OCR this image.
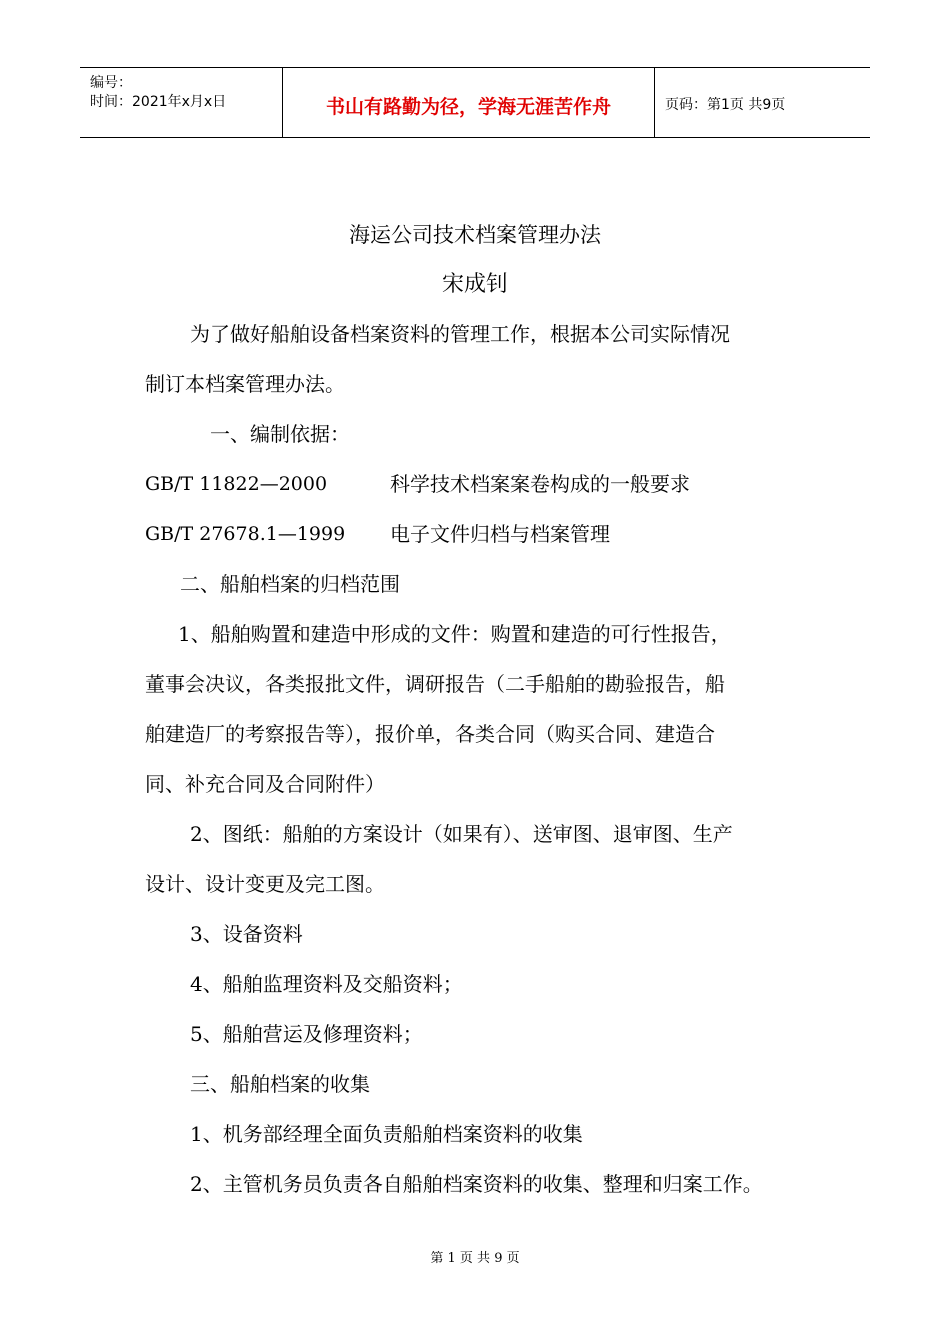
编号：
时间：2021年x月x日	书山有路勤为径，学海无涯苦作舟	页码：第1页 共9页
海运公司技术档案管理办法
宋成钊
为了做好船舶设备档案资料的管理工作，根据本公司实际情况
制订本档案管理办法。
一、编制依据：
GB/T 11822—2000	科学技术档案案卷构成的一般要求
GB/T 27678.1—1999 电子文件归档与档案管理
二、船舶档案的归档范围
1、船舶购置和建造中形成的文件：购置和建造的可行性报告，
董事会决议，各类报批文件，调研报告（二手船舶的勘验报告，船
舶建造厂的考察报告等），报价单，各类合同（购买合同、建造合
同、补充合同及合同附件）
2、图纸：船舶的方案设计（如果有）、送审图、退审图、生产
设计、设计变更及完工图。
3、设备资料
4、船舶监理资料及交船资料；
5、船舶营运及修理资料；
三、船舶档案的收集
1、机务部经理全面负责船舶档案资料的收集
2、主管机务员负责各自船舶档案资料的收集、整理和归案工作。
第 1 页 共 9 页
